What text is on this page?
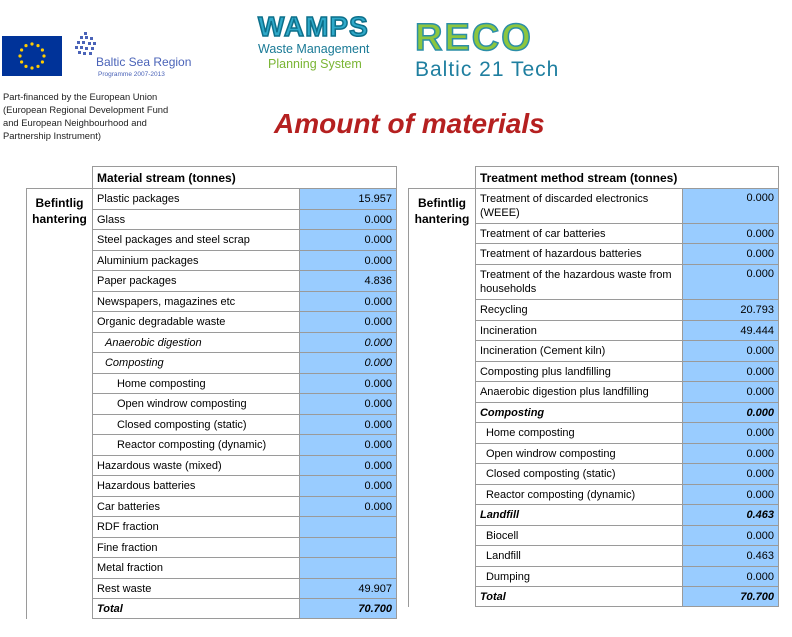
Baltic Sea Region
Programme 2007-2013
Part-financed by the European Union
(European Regional Development Fund
and European Neighbourhood and
Partnership Instrument)
WAMPS
Waste Management
Planning System
RECO
Baltic 21 Tech
Amount of materials
	Material stream (tonnes)	
Befintlig hantering	Plastic packages	15.957
	Glass	0.000
	Steel packages and steel scrap	0.000
	Aluminium packages	0.000
	Paper packages	4.836
	Newspapers, magazines etc	0.000
	Organic degradable waste	0.000
	Anaerobic digestion	0.000
	Composting	0.000
	Home composting	0.000
	Open windrow composting	0.000
	Closed composting (static)	0.000
	Reactor composting (dynamic)	0.000
	Hazardous waste (mixed)	0.000
	Hazardous batteries	0.000
	Car batteries	0.000
	RDF fraction	
	Fine fraction	
	Metal fraction	
	Rest waste	49.907
	Total	70.700
	Treatment method stream (tonnes)	
Befintlig hantering	Treatment of discarded electronics (WEEE)	0.000
	Treatment of car batteries	0.000
	Treatment of hazardous batteries	0.000
	Treatment of the hazardous waste from households	0.000
	Recycling	20.793
	Incineration	49.444
	Incineration (Cement kiln)	0.000
	Composting plus landfilling	0.000
	Anaerobic digestion plus landfilling	0.000
	Composting	0.000
	Home composting	0.000
	Open windrow composting	0.000
	Closed composting (static)	0.000
	Reactor composting (dynamic)	0.000
	Landfill	0.463
	Biocell	0.000
	Landfill	0.463
	Dumping	0.000
	Total	70.700
